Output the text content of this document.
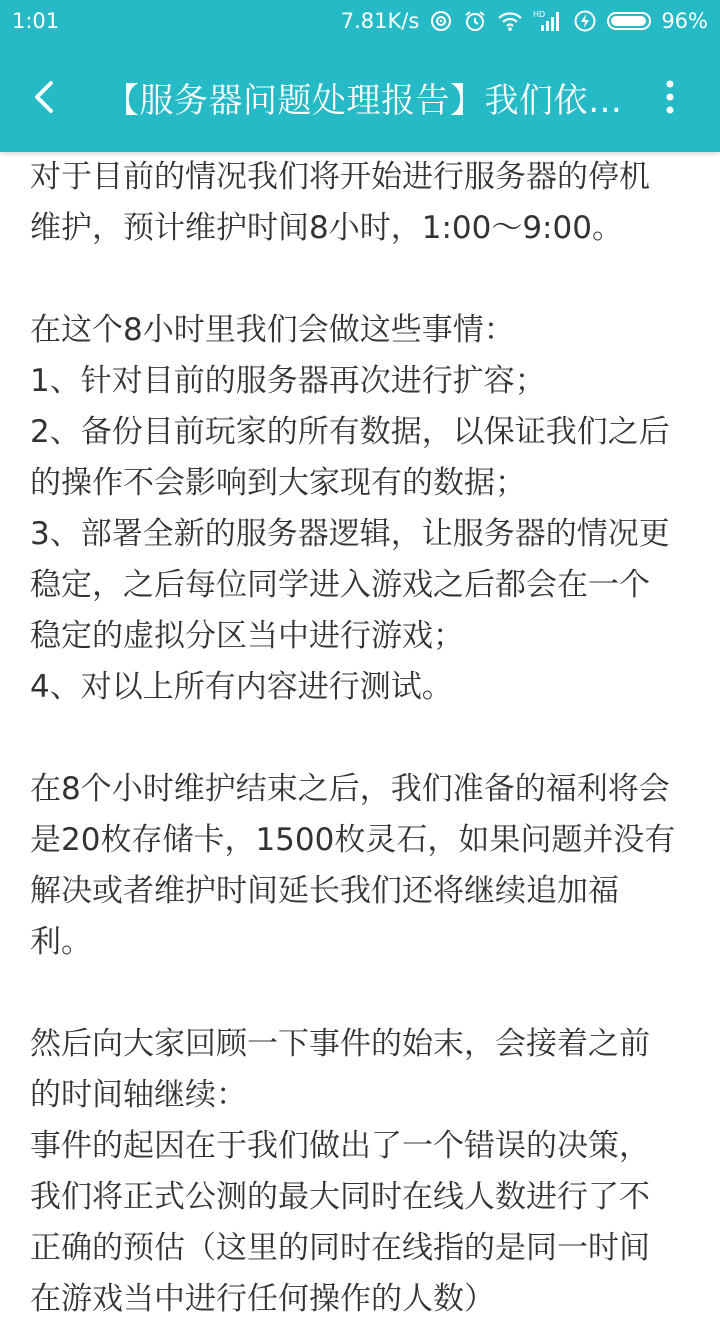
1:01	7.81K/s	HD	96%
【服务器问题处理报告】我们依…
对于目前的情况我们将开始进行服务器的停机
维护，预计维护时间8小时，1:00～9:00。
在这个8小时里我们会做这些事情：
1、针对目前的服务器再次进行扩容；
2、备份目前玩家的所有数据，以保证我们之后
的操作不会影响到大家现有的数据；
3、部署全新的服务器逻辑，让服务器的情况更
稳定，之后每位同学进入游戏之后都会在一个
稳定的虚拟分区当中进行游戏；
4、对以上所有内容进行测试。
在8个小时维护结束之后，我们准备的福利将会
是20枚存储卡，1500枚灵石，如果问题并没有
解决或者维护时间延长我们还将继续追加福
利。
然后向大家回顾一下事件的始末，会接着之前
的时间轴继续：
事件的起因在于我们做出了一个错误的决策，
我们将正式公测的最大同时在线人数进行了不
正确的预估（这里的同时在线指的是同一时间
在游戏当中进行任何操作的人数）
